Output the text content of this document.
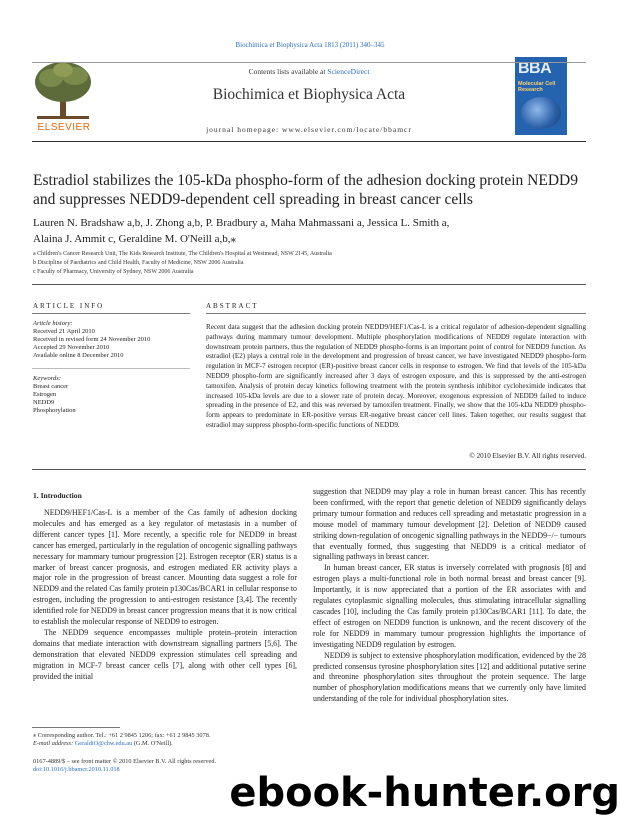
Biochimica et Biophysica Acta 1813 (2011) 340–345
ELSEVIER
Contents lists available at ScienceDirect
Biochimica et Biophysica Acta
journal homepage: www.elsevier.com/locate/bbamcr
BBA
Molecular Cell Research
Estradiol stabilizes the 105-kDa phospho-form of the adhesion docking protein NEDD9 and suppresses NEDD9-dependent cell spreading in breast cancer cells
Lauren N. Bradshaw a,b, J. Zhong a,b, P. Bradbury a, Maha Mahmassani a, Jessica L. Smith a,
Alaina J. Ammit c, Geraldine M. O'Neill a,b,⁎
a Children's Cancer Research Unit, The Kids Research Institute, The Children's Hospital at Westmead, NSW 2145, Australia
b Discipline of Paediatrics and Child Health, Faculty of Medicine, NSW 2006 Australia
c Faculty of Pharmacy, University of Sydney, NSW 2006 Australia
ARTICLE INFO
Article history:
Received 21 April 2010
Received in revised form 24 November 2010
Accepted 29 November 2010
Available online 8 December 2010
Keywords:
Breast cancer
Estrogen
NEDD9
Phosphorylation
ABSTRACT
Recent data suggest that the adhesion docking protein NEDD9/HEF1/Cas-L is a critical regulator of adhesion-dependent signalling pathways during mammary tumour development. Multiple phosphorylation modifications of NEDD9 regulate interaction with downstream protein partners, thus the regulation of NEDD9 phospho-forms is an important point of control for NEDD9 function. As estradiol (E2) plays a central role in the development and progression of breast cancer, we have investigated NEDD9 phospho-form regulation in MCF-7 estrogen receptor (ER)-positive breast cancer cells in response to estrogen. We find that levels of the 105-kDa NEDD9 phospho-form are significantly increased after 3 days of estrogen exposure, and this is suppressed by the anti-estrogen tamoxifen. Analysis of protein decay kinetics following treatment with the protein synthesis inhibitor cycloheximide indicates that increased 105-kDa levels are due to a slower rate of protein decay. Moreover, exogenous expression of NEDD9 failed to induce spreading in the presence of E2, and this was reversed by tamoxifen treatment. Finally, we show that the 105-kDa NEDD9 phospho-form appears to predominate in ER-positive versus ER-negative breast cancer cell lines. Taken together, our results suggest that estradiol may suppress phospho-form-specific functions of NEDD9.
© 2010 Elsevier B.V. All rights reserved.
1. Introduction

NEDD9/HEF1/Cas-L is a member of the Cas family of adhesion docking molecules and has emerged as a key regulator of metastasis in a number of different cancer types [1]. More recently, a specific role for NEDD9 in breast cancer has emerged, particularly in the regulation of oncogenic signalling pathways necessary for mammary tumour progression [2]. Estrogen receptor (ER) status is a marker of breast cancer prognosis, and estrogen mediated ER activity plays a major role in the progression of breast cancer. Mounting data suggest a role for NEDD9 and the related Cas family protein p130Cas/BCAR1 in cellular response to estrogen, including the progression to anti-estrogen resistance [3,4]. The recently identified role for NEDD9 in breast cancer progression means that it is now critical to establish the molecular response of NEDD9 to estrogen.

The NEDD9 sequence encompasses multiple protein–protein interaction domains that mediate interaction with downstream signalling partners [5,6]. The demonstration that elevated NEDD9 expression stimulates cell spreading and migration in MCF-7 breast cancer cells [7], along with other cell types [6], provided the initial

suggestion that NEDD9 may play a role in human breast cancer. This has recently been confirmed, with the report that genetic deletion of NEDD9 significantly delays primary tumour formation and reduces cell spreading and metastatic progression in a mouse model of mammary tumour development [2]. Deletion of NEDD9 caused striking down-regulation of oncogenic signalling pathways in the NEDD9−/− tumours that eventually formed, thus suggesting that NEDD9 is a critical mediator of signalling pathways in breast cancer.

In human breast cancer, ER status is inversely correlated with prognosis [8] and estrogen plays a multi-functional role in both normal breast and breast cancer [9]. Importantly, it is now appreciated that a portion of the ER associates with and regulates cytoplasmic signalling molecules, thus stimulating intracellular signalling cascades [10], including the Cas family protein p130Cas/BCAR1 [11]. To date, the effect of estrogen on NEDD9 function is unknown, and the recent discovery of the role for NEDD9 in mammary tumour progression highlights the importance of investigating NEDD9 regulation by estrogen.

NEDD9 is subject to extensive phosphorylation modification, evidenced by the 28 predicted consensus tyrosine phosphorylation sites [12] and additional putative serine and threonine phosphorylation sites throughout the protein sequence. The large number of phosphorylation modifications means that we currently only have limited understanding of the role for individual phosphorylation sites.

⁎ Corresponding author. Tel.: +61 2 9845 1206; fax: +61 2 9845 3078.
E-mail address: GeraldiO@chw.edu.au (G.M. O'Neill).
0167-4889/$ – see front matter © 2010 Elsevier B.V. All rights reserved.
doi:10.1016/j.bbamcr.2010.11.018
ebook-hunter.org
